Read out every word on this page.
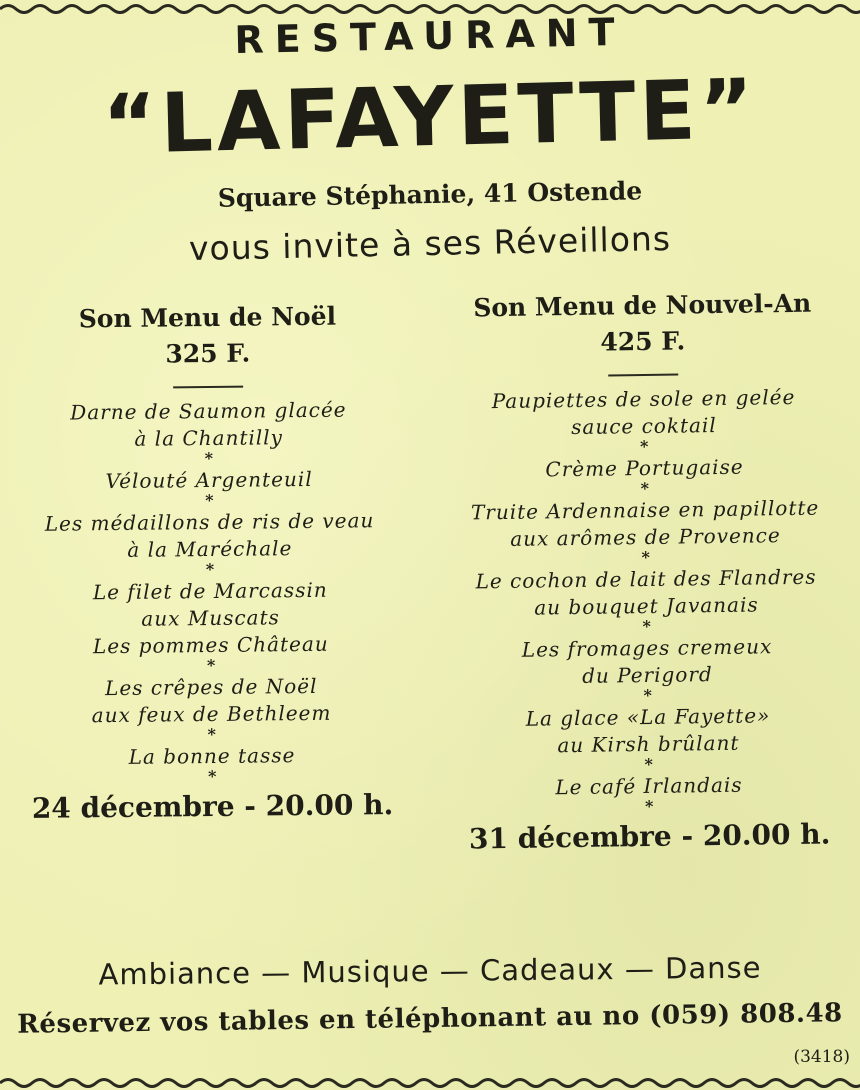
RESTAURANT
“LAFAYETTE”
Square Stéphanie, 41 Ostende
vous invite à ses Réveillons
Son Menu de Noël
325 F.
Darne de Saumon glacée
à la Chantilly
*
Vélouté Argenteuil
*
Les médaillons de ris de veau
à la Maréchale
*
Le filet de Marcassin
aux Muscats
Les pommes Château
*
Les crêpes de Noël
aux feux de Bethleem
*
La bonne tasse
*
24 décembre - 20.00 h.
Son Menu de Nouvel-An
425 F.
Paupiettes de sole en gelée
sauce coktail
*
Crème Portugaise
*
Truite Ardennaise en papillotte
aux arômes de Provence
*
Le cochon de lait des Flandres
au bouquet Javanais
*
Les fromages cremeux
du Perigord
*
La glace «La Fayette»
au Kirsh brûlant
*
Le café Irlandais
*
31 décembre - 20.00 h.
Ambiance — Musique — Cadeaux — Danse
Réservez vos tables en téléphonant au no (059) 808.48
(3418)
